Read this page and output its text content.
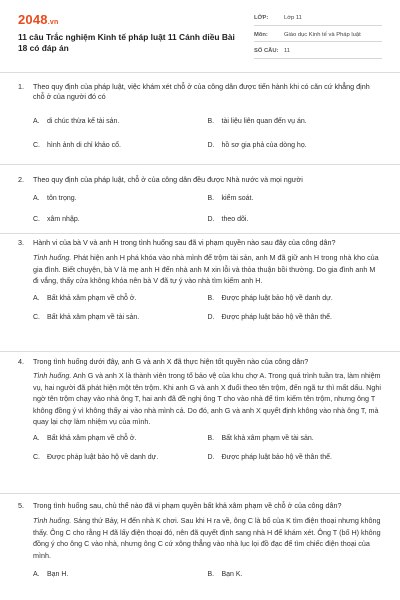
2048.vn
11 câu Trắc nghiệm Kinh tế pháp luật 11 Cánh diều Bài 18 có đáp án
LỚP:	Lớp 11
Môn:	Giáo dục Kinh tế và Pháp luật
SỐ CÂU: 11
1.	Theo quy định của pháp luật, việc khám xét chỗ ở của công dân được tiến hành khi có căn cứ khẳng định chỗ ở của người đó có
A.	di chúc thừa kế tài sản.	B.	tài liệu liên quan đến vụ án.
C.	hình ảnh di chỉ khảo cổ.	D.	hồ sơ gia phả của dòng họ.
2.	Theo quy định của pháp luật, chỗ ở của công dân đều được Nhà nước và mọi người
A.	tôn trọng.	B.	kiểm soát.
C.	xâm nhập.	D.	theo dõi.
3.	Hành vi của bà V và anh H trong tình huống sau đã vi phạm quyền nào sau đây của công dân?
Tình huống. Phát hiện anh H phá khóa vào nhà mình để trộm tài sản, anh M đã giữ anh H trong nhà kho của gia đình. Biết chuyện, bà V là mẹ anh H đến nhà anh M xin lỗi và thỏa thuận bồi thường. Do gia đình anh M đi vắng, thấy cửa không khóa nên bà V đã tự ý vào nhà tìm kiếm anh H.
A.	Bất khả xâm phạm về chỗ ở.	B.	Được pháp luật bảo hộ về danh dự.
C.	Bất khả xâm phạm về tài sản.	D.	Được pháp luật bảo hộ về thân thể.
4.	Trong tình huống dưới đây, anh G và anh X đã thực hiện tốt quyền nào của công dân?
Tình huống. Anh G và anh X là thành viên trong tổ bảo vệ của khu chợ A. Trong quá trình tuần tra, làm nhiệm vụ, hai người đã phát hiện một tên trộm. Khi anh G và anh X đuổi theo tên trộm, đến ngã tư thì mất dấu. Nghi ngờ tên trộm chạy vào nhà ông T, hai anh đã đề nghị ông T cho vào nhà để tìm kiếm tên trộm, nhưng ông T không đồng ý vì không thấy ai vào nhà mình cả. Do đó, anh G và anh X quyết định không vào nhà ông T, mà quay lại chợ làm nhiệm vụ của mình.
A.	Bất khả xâm phạm về chỗ ở.	B.	Bất khả xâm phạm về tài sản.
C.	Được pháp luật bảo hộ về danh dự.	D.	Được pháp luật bảo hộ về thân thể.
5.	Trong tình huống sau, chủ thể nào đã vi phạm quyền bất khả xâm phạm về chỗ ở của công dân?
Tình huống. Sáng thứ Bảy, H đến nhà K chơi. Sau khi H ra về, ông C là bố của K tìm điện thoại nhưng không thấy. Ông C cho rằng H đã lấy điện thoại đó, nên đã quyết định sang nhà H để khám xét. Ông T (bố H) không đồng ý cho ông C vào nhà, nhưng ông C cứ xông thẳng vào nhà lục lọi đồ đạc để tìm chiếc điện thoại của mình.
A.	Bạn H.	B.	Bạn K.
